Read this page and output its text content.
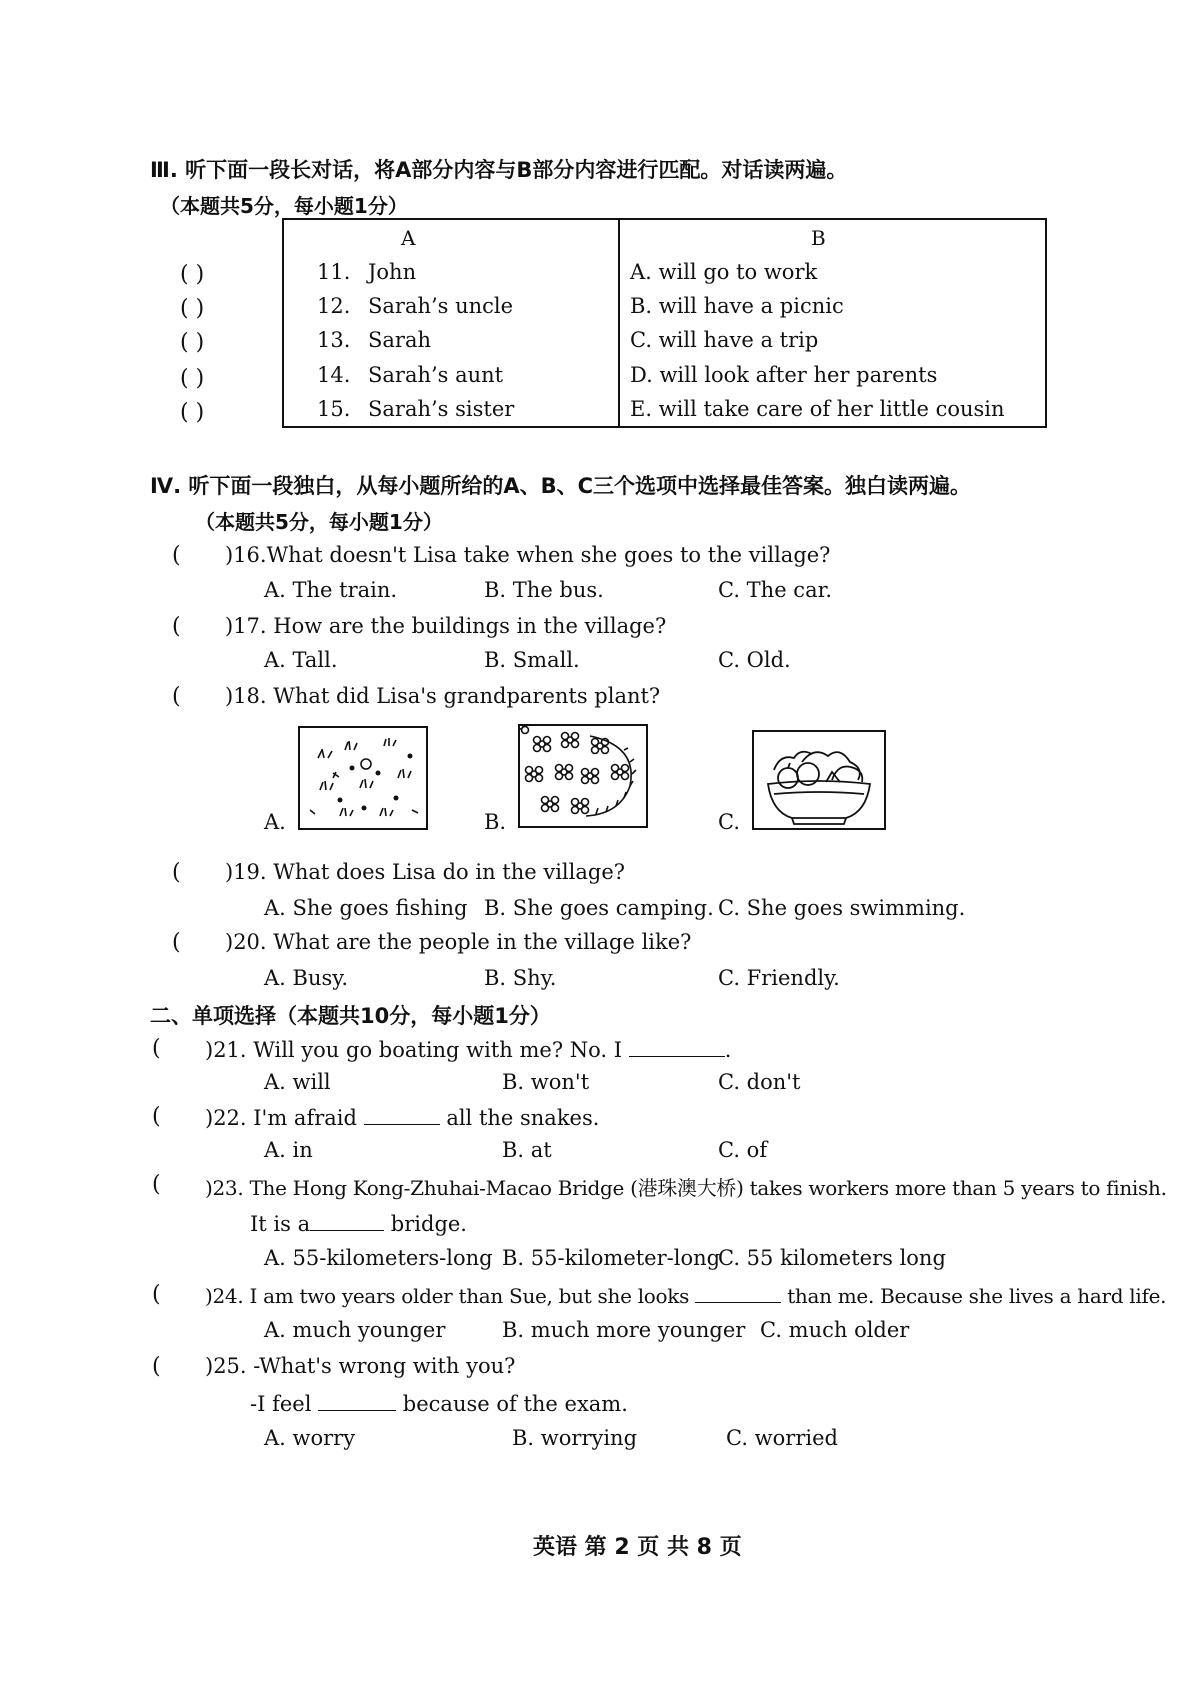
Ⅲ. 听下面一段长对话，将A部分内容与B部分内容进行匹配。对话读两遍。
（本题共5分，每小题1分）
( )
( )
( )
( )
( )
A	B
11. John	A. will go to work
12. Sarah’s uncle	B. will have a picnic
13. Sarah	C. will have a trip
14. Sarah’s aunt	D. will look after her parents
15. Sarah’s sister	E. will take care of her little cousin
Ⅳ. 听下面一段独白，从每小题所给的A、B、C三个选项中选择最佳答案。独白读两遍。
（本题共5分，每小题1分）
( )16.What doesn't Lisa take when she goes to the village?
A. The train.	B. The bus.	C. The car.
( )17. How are the buildings in the village?
A. Tall.	B. Small.	C. Old.
( )18. What did Lisa's grandparents plant?
A.	B.	C.
( )19. What does Lisa do in the village?
A. She goes fishing B. She goes camping. C. She goes swimming.
( )20. What are the people in the village like?
A. Busy.	B. Shy.	C. Friendly.
二、单项选择（本题共10分，每小题1分）
( )21. Will you go boating with me? No. I	.
A. will	B. won't	C. don't
( )22. I'm afraid	all the snakes.
A. in	B. at	C. of
( )23. The Hong Kong-Zhuhai-Macao Bridge (港珠澳大桥) takes workers more than 5 years to finish.
It is a	bridge.
A. 55-kilometers-long B. 55-kilometer-long
C. 55 kilometers long
( )24. I am two years older than Sue, but she looks	than me. Because she lives a hard life.
A. much younger	B. much more younger C. much older
( )25. -What's wrong with you?
-I feel	because of the exam.
A. worry	B. worrying	C. worried
英语 第 2 页 共 8 页
